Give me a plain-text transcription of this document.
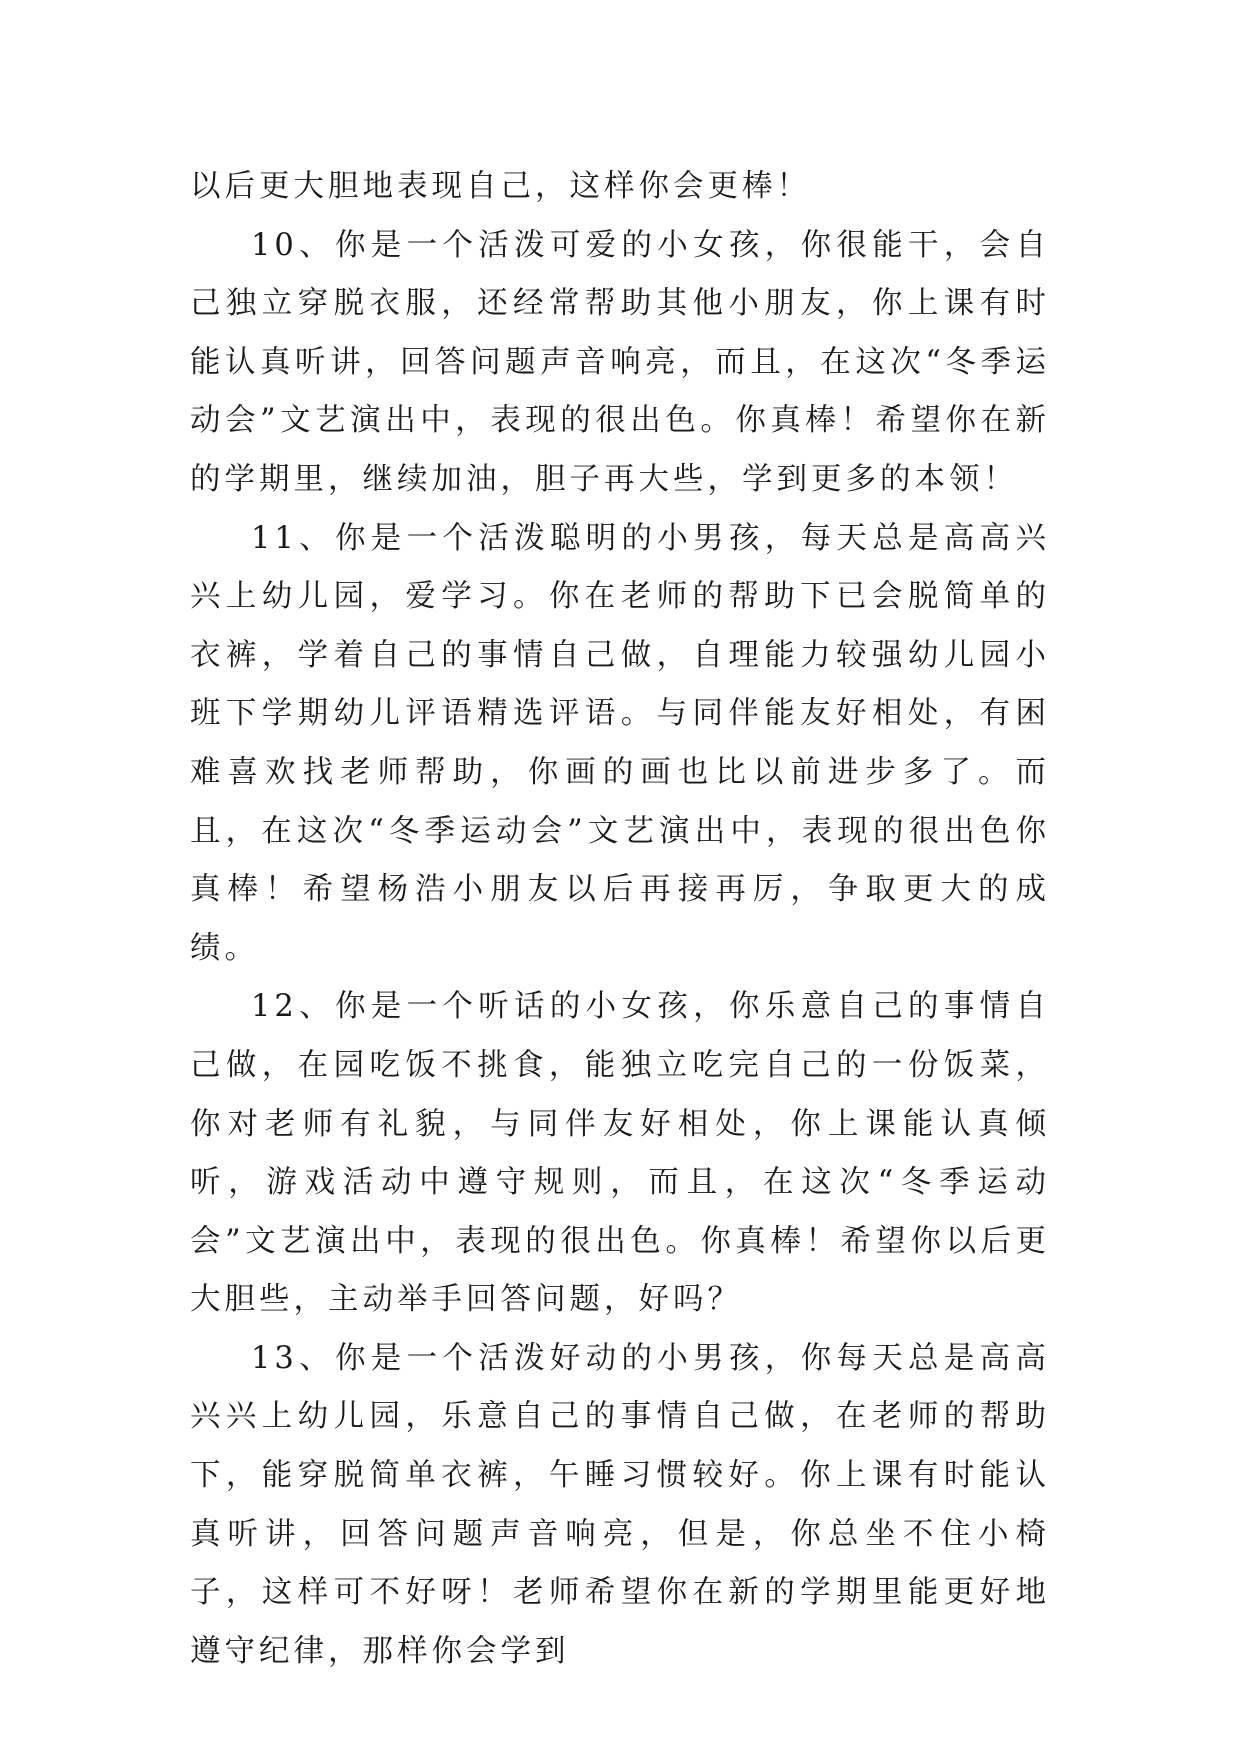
以后更大胆地表现自己，这样你会更棒！

10、你是一个活泼可爱的小女孩，你很能干，会自己独立穿脱衣服，还经常帮助其他小朋友，你上课有时能认真听讲，回答问题声音响亮，而且，在这次“冬季运动会”文艺演出中，表现的很出色。你真棒！希望你在新的学期里，继续加油，胆子再大些，学到更多的本领！

11、你是一个活泼聪明的小男孩，每天总是高高兴兴上幼儿园，爱学习。你在老师的帮助下已会脱简单的衣裤，学着自己的事情自己做，自理能力较强幼儿园小班下学期幼儿评语精选评语。与同伴能友好相处，有困难喜欢找老师帮助，你画的画也比以前进步多了。而且，在这次“冬季运动会”文艺演出中，表现的很出色你真棒！希望杨浩小朋友以后再接再厉，争取更大的成绩。

12、你是一个听话的小女孩，你乐意自己的事情自己做，在园吃饭不挑食，能独立吃完自己的一份饭菜，你对老师有礼貌，与同伴友好相处，你上课能认真倾听，游戏活动中遵守规则，而且，在这次“冬季运动会”文艺演出中，表现的很出色。你真棒！希望你以后更大胆些，主动举手回答问题，好吗？

13、你是一个活泼好动的小男孩，你每天总是高高兴兴上幼儿园，乐意自己的事情自己做，在老师的帮助下，能穿脱简单衣裤，午睡习惯较好。你上课有时能认真听讲，回答问题声音响亮，但是，你总坐不住小椅子，这样可不好呀！老师希望你在新的学期里能更好地遵守纪律，那样你会学到
